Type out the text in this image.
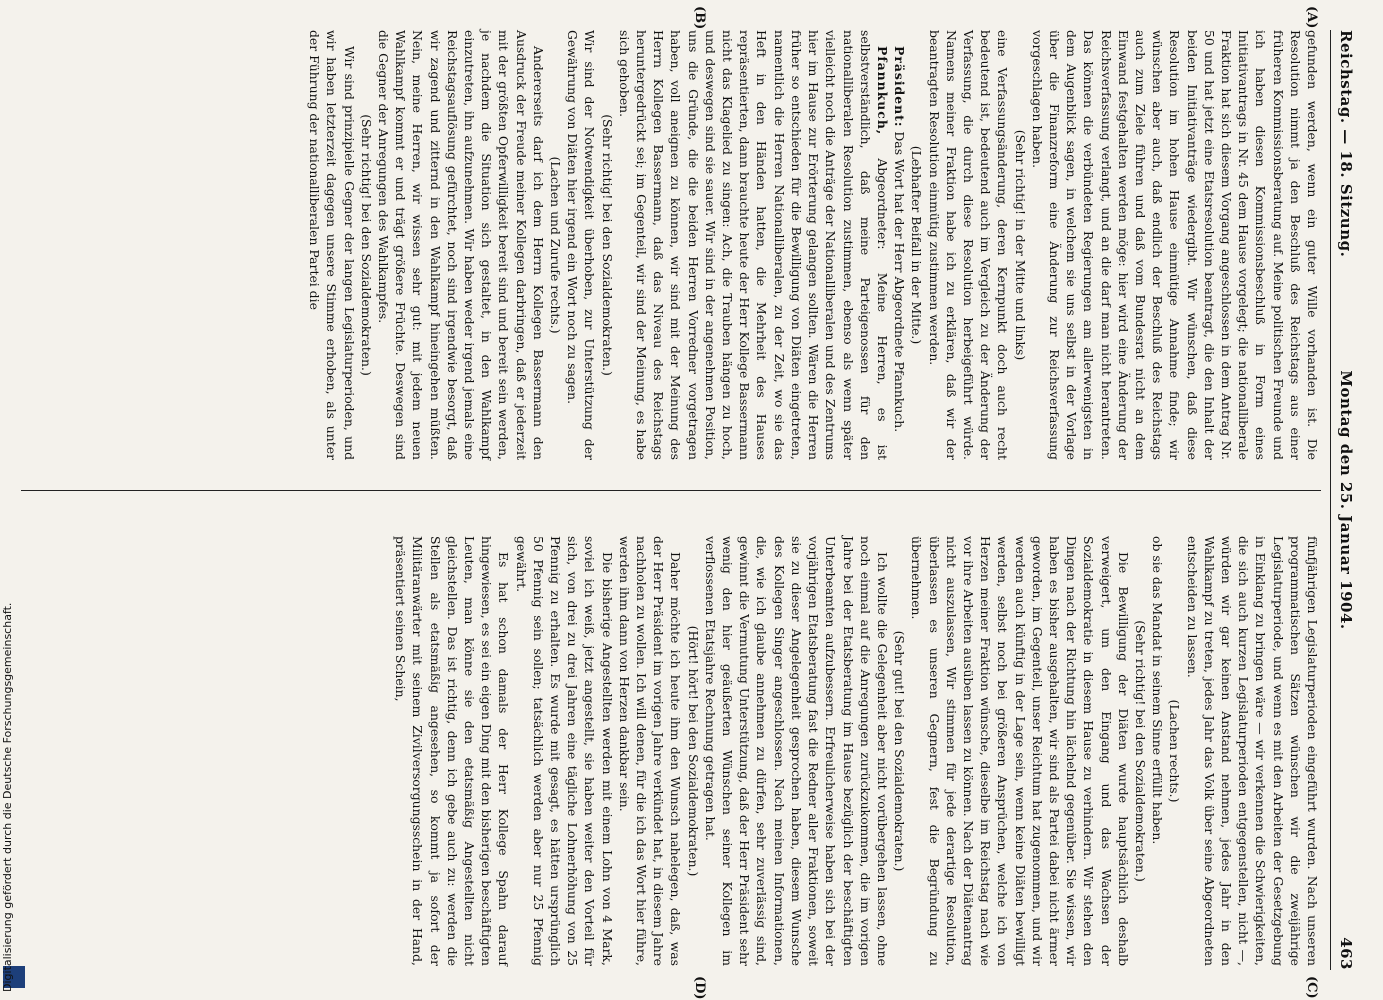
Reichstag. — 18. Sitzung.
Montag den 25. Januar 1904.
463
(A)
(B)
(C)
(D)

gefunden werden, wenn ein guter Wille vorhanden ist. Die Resolution nimmt ja den Beschluß des Reichstags aus einer früheren Kommissionsberatung auf. Meine politischen Freunde und ich haben diesen Kommissionsbeschluß in Form eines Initiativantrags in Nr. 45 dem Hause vorgelegt; die nationalliberale Fraktion hat sich diesem Vorgang angeschlossen in dem Antrag Nr. 50 und hat jetzt eine Etatsresolution beantragt, die den Inhalt der beiden Initiativanträge wiedergibt. Wir wünschen, daß diese Resolution im hohen Hause einmütige Annahme finde; wir wünschen aber auch, daß endlich der Beschluß des Reichstags auch zum Ziele führen und daß vom Bundesrat nicht an dem Einwand festgehalten werden möge: hier wird eine Änderung der Reichsverfassung verlangt, und an die darf man nicht herantreten. Das können die verbündeten Regierungen am allerwenigsten in dem Augenblick sagen, in welchem sie uns selbst in der Vorlage über die Finanzreform eine Änderung zur Reichsverfassung vorgeschlagen haben.

(Sehr richtig! in der Mitte und links)

eine Verfassungsänderung, deren Kernpunkt doch auch recht bedeutend ist, bedeutend auch im Vergleich zu der Änderung der Verfassung, die durch diese Resolution herbeigeführt würde. Namens meiner Fraktion habe ich zu erklären, daß wir der beantragten Resolution einmütig zustimmen werden.

(Lebhafter Beifall in der Mitte.)

Präsident: Das Wort hat der Herr Abgeordnete Pfannkuch.

Pfannkuch, Abgeordneter: Meine Herren, es ist selbstverständlich, daß meine Parteigenossen für den nationalliberalen Resolution zustimmen, ebenso als wenn später vielleicht noch die Anträge der Nationalliberalen und des Zentrums hier im Hause zur Erörterung gelangen sollten. Wären die Herren früher so entschieden für die Bewilligung von Diäten eingetreten, namentlich die Herren Nationalliberalen, zu der Zeit, wo sie das Heft in den Händen hatten, die Mehrheit des Hauses repräsentierten, dann brauchte heute der Herr Kollege Bassermann nicht das Klagelied zu singen: Ach, die Trauben hängen zu hoch, und deswegen sind sie sauer. Wir sind in der angenehmen Position, uns die Gründe, die die beiden Herren Vorredner vorgetragen haben, voll aneignen zu können, wir sind mit der Meinung des Herrn Kollegen Bassermann, daß das Niveau des Reichstags heruntergedrückt sei; im Gegenteil, wir sind der Meinung, es habe sich gehoben.

(Sehr richtig! bei den Sozialdemokraten.)

Wir sind der Notwendigkeit überhoben, zur Unterstützung der Gewährung von Diäten hier irgend ein Wort noch zu sagen.

(Lachen und Zurufe rechts.)

Andererseits darf ich dem Herrn Kollegen Bassermann den Ausdruck der Freude meiner Kollegen darbringen, daß er jederzeit mit der größten Opferwilligkeit bereit sind und bereit sein werden, je nachdem die Situation sich gestaltet, in den Wahlkampf einzutreten, ihn aufzunehmen. Wir haben weder irgend jemals eine Reichstagsauflösung gefürchtet, noch sind irgendwie besorgt, daß wir zagend und zitternd in den Wahlkampf hineingehen müßten. Nein, meine Herren, wir wissen sehr gut: mit jedem neuen Wahlkampf kommt er und trägt größere Früchte. Deswegen sind die Gegner der Anregungen des Wahlkampfes.

(Sehr richtig! bei den Sozialdemokraten.)

Wir sind prinzipielle Gegner der langen Legislaturperioden, und wir haben letzterzeit dagegen unsere Stimme erhoben, als unter der Führung der nationalliberalen Partei die

fünfjährigen Legislaturperioden eingeführt wurden. Nach unseren programmatischen Sätzen wünschen wir die zweijährige Legislaturperiode, und wenn es mit den Arbeiten der Gesetzgebung in Einklang zu bringen wäre — wir verkennen die Schwierigkeiten, die sich auch kurzen Legislaturperioden entgegenstellen, nicht —, würden wir gar keinen Anstand nehmen, jedes Jahr in den Wahlkampf zu treten, jedes Jahr das Volk über seine Abgeordneten entscheiden zu lassen.

(Lachen rechts.)

ob sie das Mandat in seinem Sinne erfüllt haben.

(Sehr richtig! bei den Sozialdemokraten.)

Die Bewilligung der Diäten wurde hauptsächlich deshalb verweigert, um den Eingang und das Wachsen der Sozialdemokratie in diesem Hause zu verhindern. Wir stehen den Dingen nach der Richtung hin lächelnd gegenüber. Sie wissen, wir haben es bisher ausgehalten, wir sind als Partei dabei nicht ärmer geworden, im Gegenteil, unser Reichtum hat zugenommen, und wir werden auch künftig in der Lage sein, wenn keine Diäten bewilligt werden, selbst noch bei größeren Ansprüchen, welche ich von Herzen meiner Fraktion wünsche, dieselbe im Reichstag nach wie vor ihre Arbeiten ausüben lassen zu können. Nach der Diätenantrag nicht auszulassen, Wir stimmen für jede derartige Resolution, überlassen es unseren Gegnern, fest die Begründung zu übernehmen.

(Sehr gut! bei den Sozialdemokraten.)

Ich wollte die Gelegenheit aber nicht vorübergehen lassen, ohne noch einmal auf die Anregungen zurückzukommen, die im vorigen Jahre bei der Etatsberatung im Hause bezüglich der beschäftigten Unterbeamten aufzubessern. Erfreulicherweise haben sich bei der vorjährigen Etatsberatung fast die Redner aller Fraktionen, soweit sie zu dieser Angelegenheit gesprochen haben, diesem Wunsche des Kollegen Singer angeschlossen. Nach meinen Informationen, die, wie ich glaube annehmen zu dürfen, sehr zuverlässig sind, gewinnt die Vermutung Unterstützung, daß der Herr Präsident sehr wenig den hier geäußerten Wünschen seiner Kollegen im verflossenen Etatsjahre Rechnung getragen hat.

(Hört! hört! bei den Sozialdemokraten.)

Daher möchte ich heute ihm den Wunsch nahelegen, daß, was der Herr Präsident im vorigen Jahre verkündet hat, in diesem Jahre nachholen zu wollen. Ich will denen, für die ich das Wort hier führe, werden ihm dann von Herzen dankbar sein.

Die bisherige Angestellten werden mit einem Lohn von 4 Mark, soviel ich weiß, jetzt angestellt, sie haben weiter den Vorteil für sich, von drei zu drei Jahren eine tägliche Lohnerhöhung von 25 Pfennig zu erhalten. Es wurde mit gesagt, es hätten ursprünglich 50 Pfennig sein sollen; tatsächlich werden aber nur 25 Pfennig gewährt.

Es hat schon damals der Herr Kollege Spahn darauf hingewiesen, es sei ein eigen Ding mit den bisherigen beschäftigten Leuten, man könne sie den etatsmäßig Angestellten nicht gleichstellen. Das ist richtig, denn ich gebe auch zu: werden die Stellen als etatsmäßig angesehen, so kommt ja sofort der Militäranwärter mit seinem Zivilversorgungsschein in der Hand, präsentiert seinen Schein,

Digitalisierung gefördert durch die Deutsche Forschungsgemeinschaft.
